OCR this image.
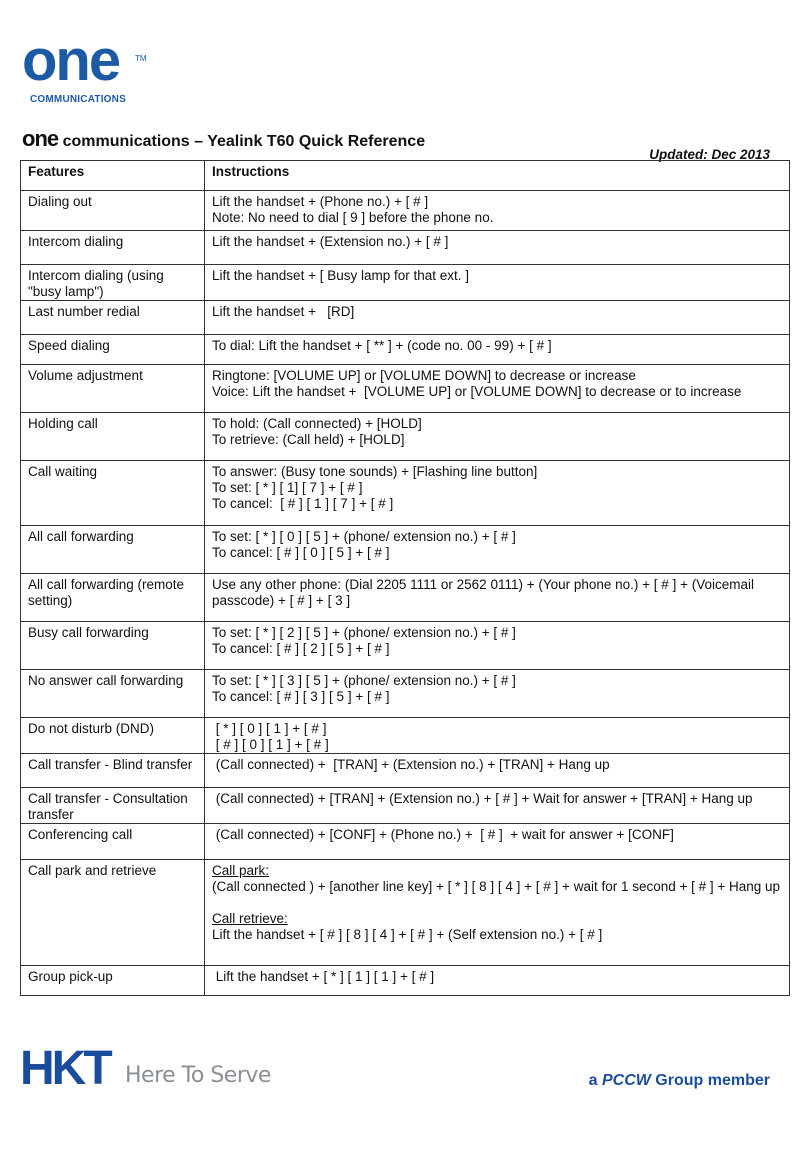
one TM
COMMUNICATIONS
one communications – Yealink T60 Quick Reference
Updated: Dec 2013
Features	Instructions
Dialing out	Lift the handset + (Phone no.) + [ # ]
Note: No need to dial [ 9 ] before the phone no.

Intercom dialing	Lift the handset + (Extension no.) + [ # ]

Intercom dialing (using "busy lamp")	Lift the handset + [ Busy lamp for that ext. ]

Last number redial	Lift the handset +   [RD]

Speed dialing	To dial: Lift the handset + [ ** ] + (code no. 00 - 99) + [ # ]

Volume adjustment	Ringtone: [VOLUME UP] or [VOLUME DOWN] to decrease or increase
Voice: Lift the handset +  [VOLUME UP] or [VOLUME DOWN] to decrease or to increase

Holding call	To hold: (Call connected) + [HOLD]
To retrieve: (Call held) + [HOLD]

Call waiting	To answer: (Busy tone sounds) + [Flashing line button]
To set: [ * ] [ 1] [ 7 ] + [ # ]
To cancel:  [ # ] [ 1 ] [ 7 ] + [ # ]

All call forwarding	To set: [ * ] [ 0 ] [ 5 ] + (phone/ extension no.) + [ # ]
To cancel: [ # ] [ 0 ] [ 5 ] + [ # ]

All call forwarding (remote setting)	Use any other phone: (Dial 2205 1111 or 2562 0111) + (Your phone no.) + [ # ] + (Voicemail passcode) + [ # ] + [ 3 ]

Busy call forwarding	To set: [ * ] [ 2 ] [ 5 ] + (phone/ extension no.) + [ # ]
To cancel: [ # ] [ 2 ] [ 5 ] + [ # ]

No answer call forwarding	To set: [ * ] [ 3 ] [ 5 ] + (phone/ extension no.) + [ # ]
To cancel: [ # ] [ 3 ] [ 5 ] + [ # ]

Do not disturb (DND)	[ * ] [ 0 ] [ 1 ] + [ # ]
[ # ] [ 0 ] [ 1 ] + [ # ]

Call transfer - Blind transfer	(Call connected) +  [TRAN] + (Extension no.) + [TRAN] + Hang up

Call transfer - Consultation transfer	(Call connected) + [TRAN] + (Extension no.) + [ # ] + Wait for answer + [TRAN] + Hang up

Conferencing call	(Call connected) + [CONF] + (Phone no.) +  [ # ]  + wait for answer + [CONF]

Call park and retrieve	Call park:
(Call connected ) + [another line key] + [ * ] [ 8 ] [ 4 ] + [ # ] + wait for 1 second + [ # ] + Hang up
Call retrieve:
Lift the handset + [ # ] [ 8 ] [ 4 ] + [ # ] + (Self extension no.) + [ # ]

Group pick-up	Lift the handset + [ * ] [ 1 ] [ 1 ] + [ # ]
HKT Here To Serve	a PCCW Group member
